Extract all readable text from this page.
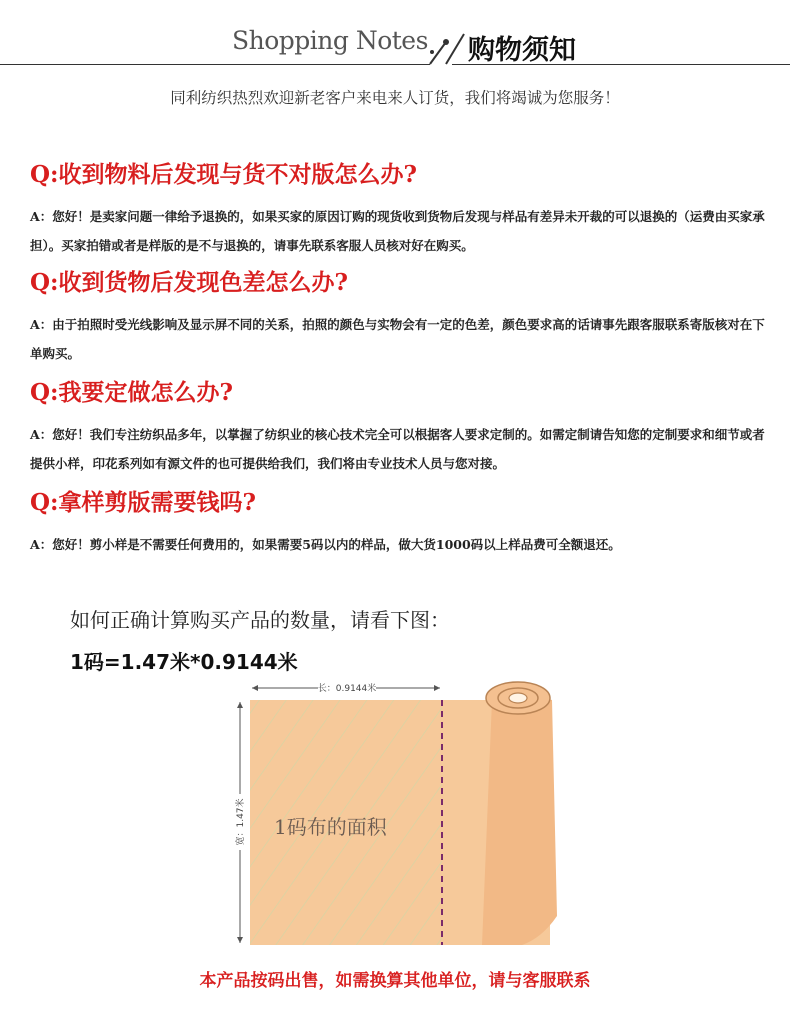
Shopping Notes 购物须知
同利纺织热烈欢迎新老客户来电来人订货，我们将竭诚为您服务！
Q:收到物料后发现与货不对版怎么办?
A：您好！是卖家问题一律给予退换的，如果买家的原因订购的现货收到货物后发现与样品有差异未开裁的可以退换的（运费由买家承担）。买家拍错或者是样版的是不与退换的，请事先联系客服人员核对好在购买。
Q:收到货物后发现色差怎么办?
A：由于拍照时受光线影响及显示屏不同的关系，拍照的颜色与实物会有一定的色差，颜色要求高的话请事先跟客服联系寄版核对在下单购买。
Q:我要定做怎么办?
A：您好！我们专注纺织品多年，以掌握了纺织业的核心技术完全可以根据客人要求定制的。如需定制请告知您的定制要求和细节或者提供小样，印花系列如有源文件的也可提供给我们，我们将由专业技术人员与您对接。
Q:拿样剪版需要钱吗?
A：您好！剪小样是不需要任何费用的，如果需要5码以内的样品，做大货1000码以上样品费可全额退还。
如何正确计算购买产品的数量，请看下图：
1码=1.47米*0.9144米
长：0.9144米
宽：1.47米 1码布的面积
本产品按码出售，如需换算其他单位，请与客服联系
